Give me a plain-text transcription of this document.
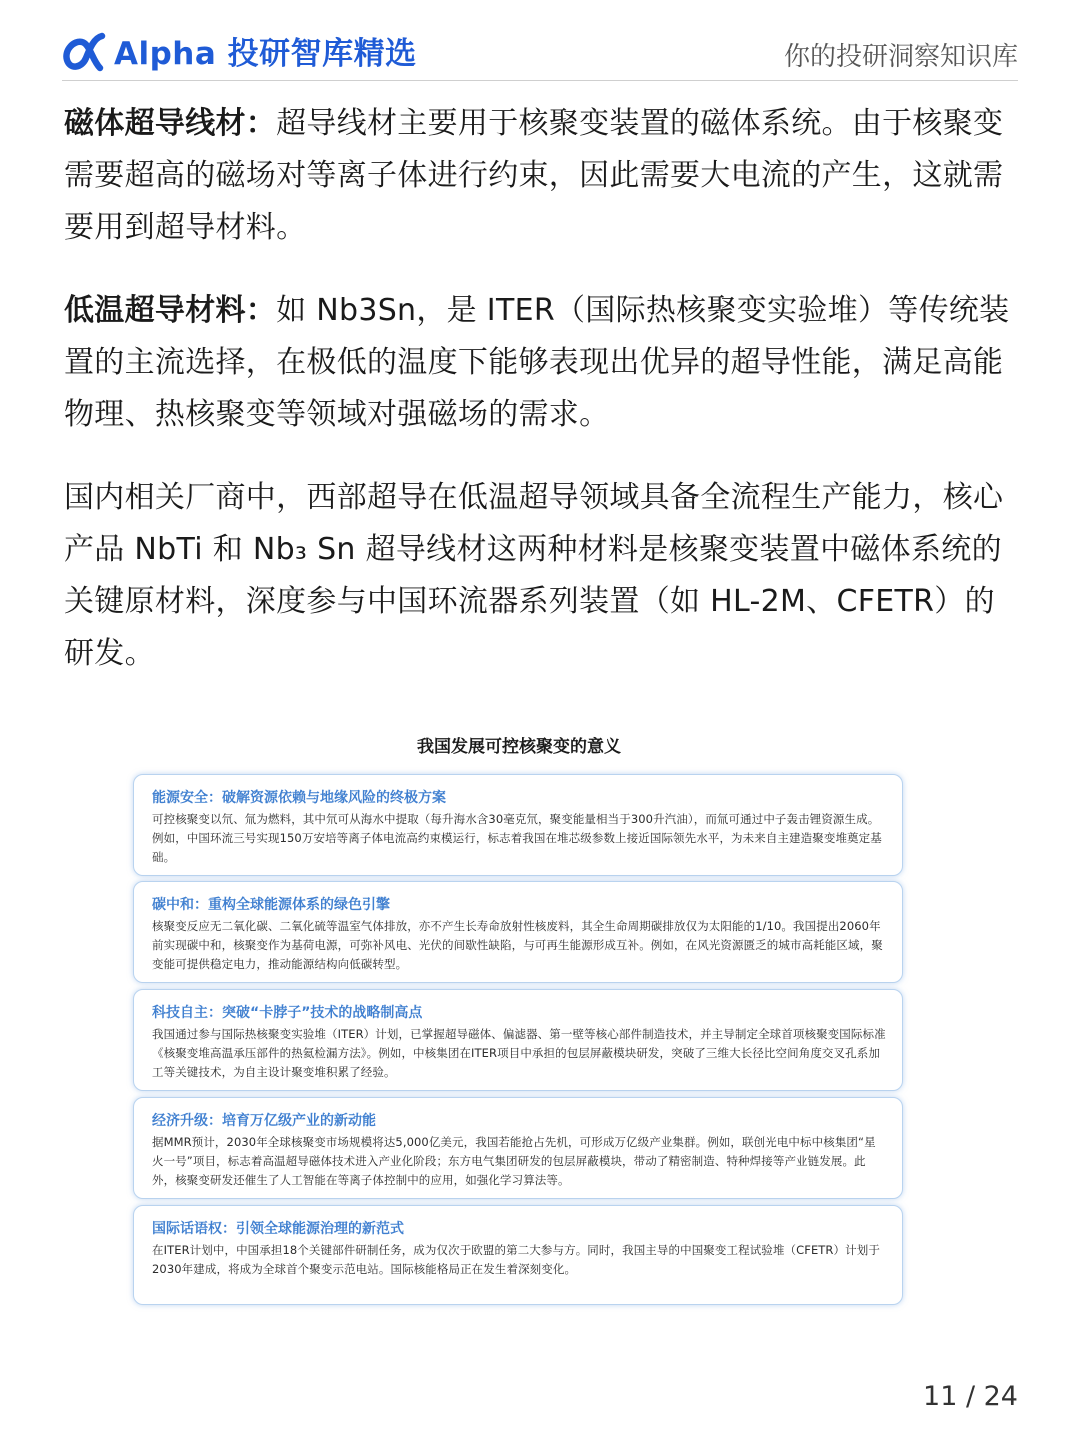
Alpha 投研智库精选	你的投研洞察知识库

磁体超导线材：超导线材主要用于核聚变装置的磁体系统。由于核聚变需要超高的磁场对等离子体进行约束，因此需要大电流的产生，这就需要用到超导材料。

低温超导材料：如 Nb3Sn，是 ITER（国际热核聚变实验堆）等传统装置的主流选择，在极低的温度下能够表现出优异的超导性能，满足高能物理、热核聚变等领域对强磁场的需求。

国内相关厂商中，西部超导在低温超导领域具备全流程生产能力，核心产品 NbTi 和 Nb₃ Sn 超导线材这两种材料是核聚变装置中磁体系统的关键原材料，深度参与中国环流器系列装置（如 HL-2M、CFETR）的研发。

我国发展可控核聚变的意义
能源安全：破解资源依赖与地缘风险的终极方案
可控核聚变以氘、氚为燃料，其中氘可从海水中提取（每升海水含30毫克氘，聚变能量相当于300升汽油），而氚可通过中子轰击锂资源生成。例如，中国环流三号实现150万安培等离子体电流高约束模运行，标志着我国在堆芯级参数上接近国际领先水平，为未来自主建造聚变堆奠定基础。
碳中和：重构全球能源体系的绿色引擎
核聚变反应无二氧化碳、二氧化硫等温室气体排放，亦不产生长寿命放射性核废料，其全生命周期碳排放仅为太阳能的1/10。我国提出2060年前实现碳中和，核聚变作为基荷电源，可弥补风电、光伏的间歇性缺陷，与可再生能源形成互补。例如，在风光资源匮乏的城市高耗能区域，聚变能可提供稳定电力，推动能源结构向低碳转型。
科技自主：突破“卡脖子”技术的战略制高点
我国通过参与国际热核聚变实验堆（ITER）计划，已掌握超导磁体、偏滤器、第一壁等核心部件制造技术，并主导制定全球首项核聚变国际标准《核聚变堆高温承压部件的热氦检漏方法》。例如，中核集团在ITER项目中承担的包层屏蔽模块研发，突破了三维大长径比空间角度交叉孔系加工等关键技术，为自主设计聚变堆积累了经验。
经济升级：培育万亿级产业的新动能
据MMR预计，2030年全球核聚变市场规模将达5,000亿美元，我国若能抢占先机，可形成万亿级产业集群。例如，联创光电中标中核集团“星火一号”项目，标志着高温超导磁体技术进入产业化阶段；东方电气集团研发的包层屏蔽模块，带动了精密制造、特种焊接等产业链发展。此外，核聚变研发还催生了人工智能在等离子体控制中的应用，如强化学习算法等。
国际话语权：引领全球能源治理的新范式
在ITER计划中，中国承担18个关键部件研制任务，成为仅次于欧盟的第二大参与方。同时，我国主导的中国聚变工程试验堆（CFETR）计划于2030年建成，将成为全球首个聚变示范电站。国际核能格局正在发生着深刻变化。
11 / 24
